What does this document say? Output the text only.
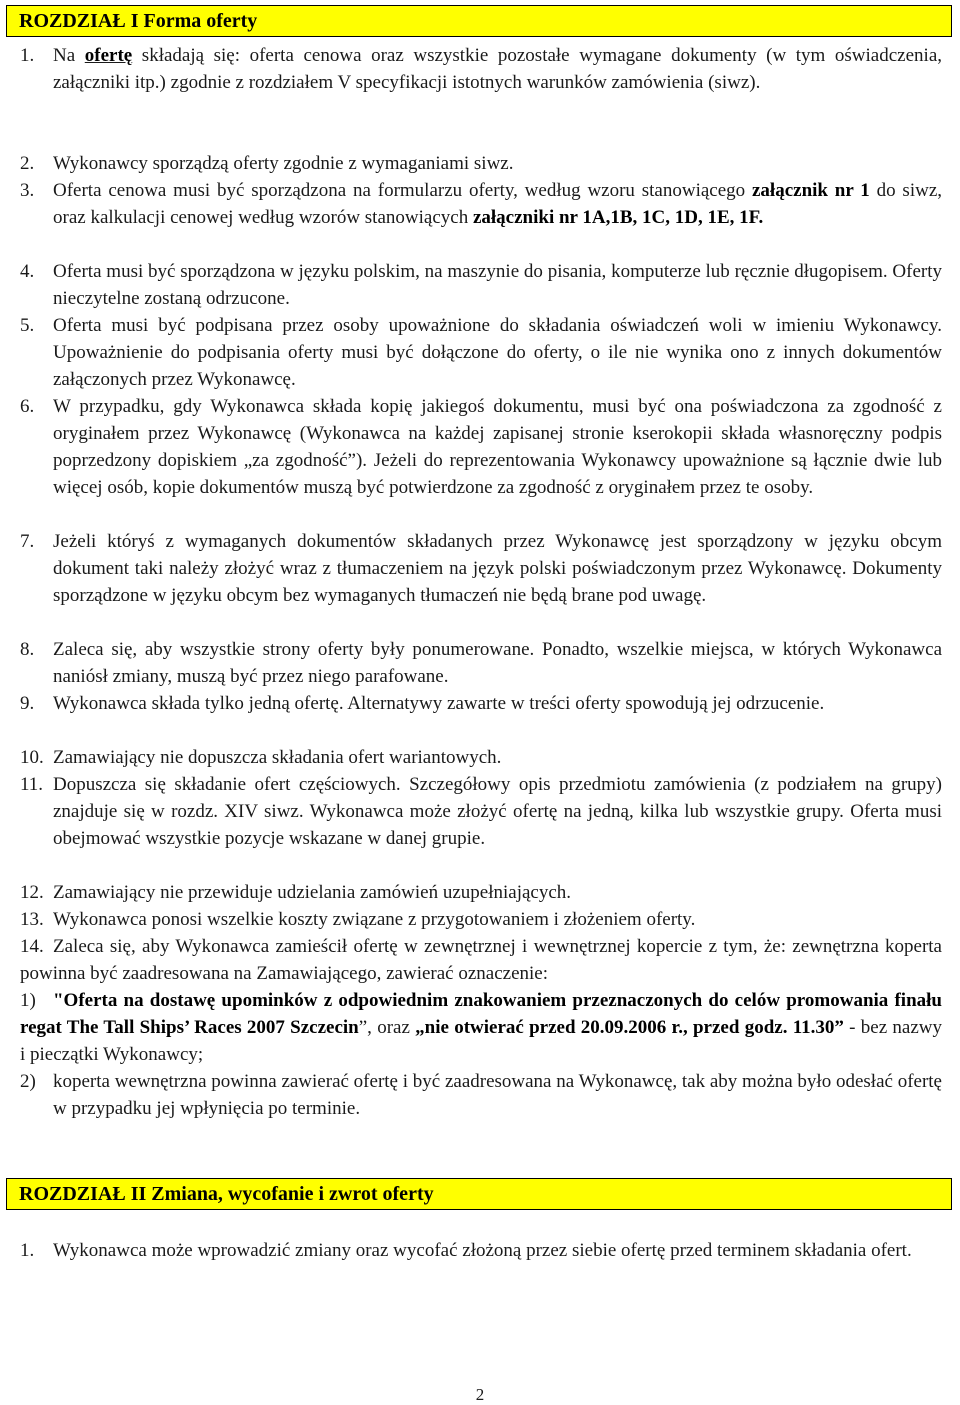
ROZDZIAŁ I Forma oferty
1. Na ofertę składają się: oferta cenowa oraz wszystkie pozostałe wymagane dokumenty (w tym oświadczenia, załączniki itp.) zgodnie z rozdziałem V specyfikacji istotnych warunków zamówienia (siwz).
2. Wykonawcy sporządzą oferty zgodnie z wymaganiami siwz.
3. Oferta cenowa musi być sporządzona na formularzu oferty, według wzoru stanowiącego załącznik nr 1 do siwz, oraz kalkulacji cenowej według wzorów stanowiących załączniki nr 1A,1B, 1C, 1D, 1E, 1F.
4. Oferta musi być sporządzona w języku polskim, na maszynie do pisania, komputerze lub ręcznie długopisem. Oferty nieczytelne zostaną odrzucone.
5. Oferta musi być podpisana przez osoby upoważnione do składania oświadczeń woli w imieniu Wykonawcy. Upoważnienie do podpisania oferty musi być dołączone do oferty, o ile nie wynika ono z innych dokumentów załączonych przez Wykonawcę.
6. W przypadku, gdy Wykonawca składa kopię jakiegoś dokumentu, musi być ona poświadczona za zgodność z oryginałem przez Wykonawcę (Wykonawca na każdej zapisanej stronie kserokopii składa własnoręczny podpis poprzedzony dopiskiem „za zgodność”). Jeżeli do reprezentowania Wykonawcy upoważnione są łącznie dwie lub więcej osób, kopie dokumentów muszą być potwierdzone za zgodność z oryginałem przez te osoby.
7. Jeżeli któryś z wymaganych dokumentów składanych przez Wykonawcę jest sporządzony w języku obcym dokument taki należy złożyć wraz z tłumaczeniem na język polski poświadczonym przez Wykonawcę. Dokumenty sporządzone w języku obcym bez wymaganych tłumaczeń nie będą brane pod uwagę.
8. Zaleca się, aby wszystkie strony oferty były ponumerowane. Ponadto, wszelkie miejsca, w których Wykonawca naniósł zmiany, muszą być przez niego parafowane.
9. Wykonawca składa tylko jedną ofertę. Alternatywy zawarte w treści oferty spowodują jej odrzucenie.
10. Zamawiający nie dopuszcza składania ofert wariantowych.
11. Dopuszcza się składanie ofert częściowych. Szczegółowy opis przedmiotu zamówienia (z podziałem na grupy) znajduje się w rozdz. XIV siwz. Wykonawca może złożyć ofertę na jedną, kilka lub wszystkie grupy. Oferta musi obejmować wszystkie pozycje wskazane w danej grupie.
12. Zamawiający nie przewiduje udzielania zamówień uzupełniających.
13. Wykonawca ponosi wszelkie koszty związane z przygotowaniem i złożeniem oferty.
14. Zaleca się, aby Wykonawca zamieścił ofertę w zewnętrznej i wewnętrznej kopercie z tym, że: zewnętrzna koperta powinna być zaadresowana na Zamawiającego, zawierać oznaczenie:
1) "Oferta na dostawę upominków z odpowiednim znakowaniem przeznaczonych do celów promowania finału regat The Tall Ships’ Races 2007 Szczecin”, oraz „nie otwierać przed 20.09.2006 r., przed godz. 11.30” - bez nazwy i pieczątki Wykonawcy;
2) koperta wewnętrzna powinna zawierać ofertę i być zaadresowana na Wykonawcę, tak aby można było odesłać ofertę w przypadku jej wpłynięcia po terminie.
ROZDZIAŁ II Zmiana, wycofanie i zwrot oferty
1. Wykonawca może wprowadzić zmiany oraz wycofać złożoną przez siebie ofertę przed terminem składania ofert.
2
